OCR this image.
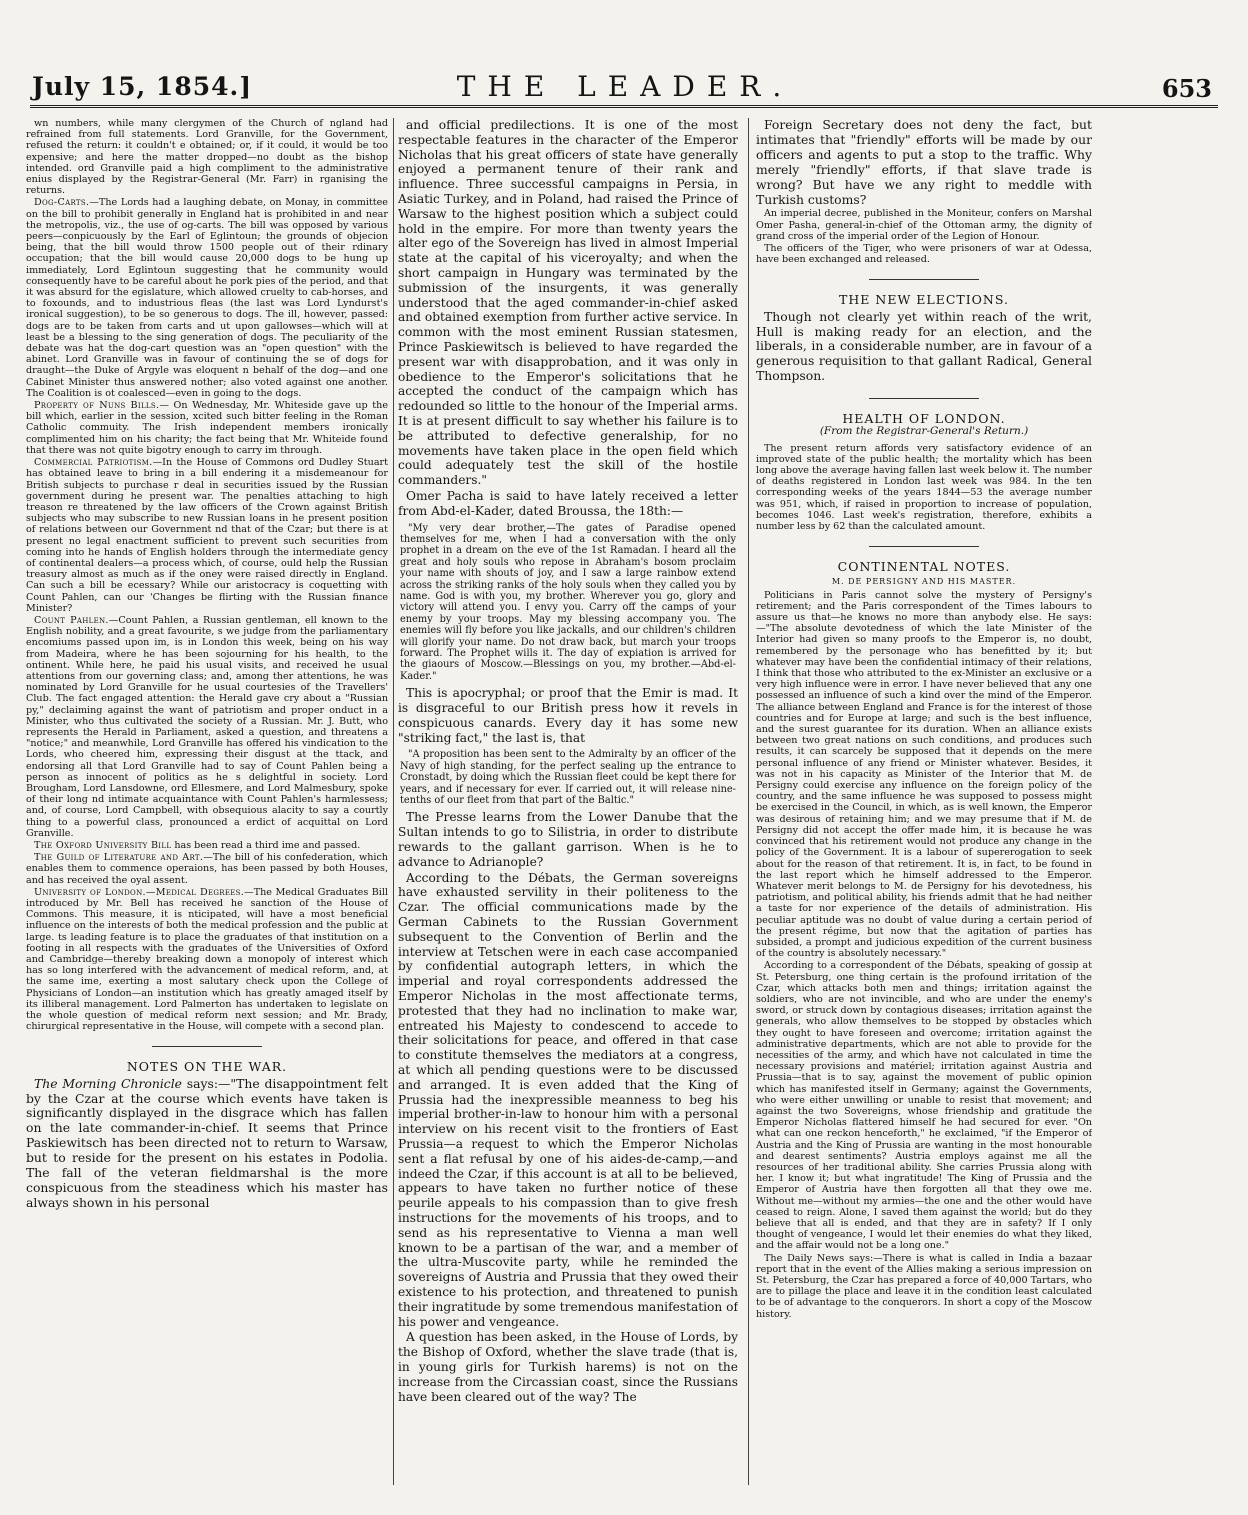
July 15, 1854.]	THE LEADER.	653

wn numbers, while many clergymen of the Church of ngland had refrained from full statements. Lord Granville, for the Government, refused the return: it couldn't e obtained; or, if it could, it would be too expensive; and here the matter dropped—no doubt as the bishop intended. ord Granville paid a high compliment to the administrative enius displayed by the Registrar-General (Mr. Farr) in rganising the returns.

Dog-Carts.—The Lords had a laughing debate, on Monay, in committee on the bill to prohibit generally in England hat is prohibited in and near the metropolis, viz., the use of og-carts. The bill was opposed by various peers—conpicuously by the Earl of Eglintoun; the grounds of objecion being, that the bill would throw 1500 people out of their rdinary occupation; that the bill would cause 20,000 dogs to be hung up immediately, Lord Eglintoun suggesting that he community would consequently have to be careful about he pork pies of the period, and that it was absurd for the egislature, which allowed cruelty to cab-horses, and to foxounds, and to industrious fleas (the last was Lord Lyndurst's ironical suggestion), to be so generous to dogs. The ill, however, passed: dogs are to be taken from carts and ut upon gallowses—which will at least be a blessing to the sing generation of dogs. The peculiarity of the debate was hat the dog-cart question was an "open question" with the abinet. Lord Granville was in favour of continuing the se of dogs for draught—the Duke of Argyle was eloquent n behalf of the dog—and one Cabinet Minister thus answered nother; also voted against one another. The Coalition is ot coalesced—even in going to the dogs.

Property of Nuns Bills.— On Wednesday, Mr. Whiteside gave up the bill which, earlier in the session, xcited such bitter feeling in the Roman Catholic commuity. The Irish independent members ironically complimented him on his charity; the fact being that Mr. Whiteide found that there was not quite bigotry enough to carry im through.

Commercial Patriotism.—In the House of Commons ord Dudley Stuart has obtained leave to bring in a bill endering it a misdemeanour for British subjects to purchase r deal in securities issued by the Russian government during he present war. The penalties attaching to high treason re threatened by the law officers of the Crown against British subjects who may subscribe to new Russian loans in he present position of relations between our Government nd that of the Czar; but there is at present no legal enactment sufficient to prevent such securities from coming into he hands of English holders through the intermediate gency of continental dealers—a process which, of course, ould help the Russian treasury almost as much as if the oney were raised directly in England. Can such a bill be ecessary? While our aristocracy is coquetting with Count Pahlen, can our 'Changes be flirting with the Russian finance Minister?

Count Pahlen.—Count Pahlen, a Russian gentleman, ell known to the English nobility, and a great favourite, s we judge from the parliamentary encomiums passed upon im, is in London this week, being on his way from Madeira, where he has been sojourning for his health, to the ontinent. While here, he paid his usual visits, and received he usual attentions from our governing class; and, among ther attentions, he was nominated by Lord Granville for he usual courtesies of the Travellers' Club. The fact engaged attention: the Herald gave cry about a "Russian py," declaiming against the want of patriotism and proper onduct in a Minister, who thus cultivated the society of a Russian. Mr. J. Butt, who represents the Herald in Parliament, asked a question, and threatens a "notice;" and meanwhile, Lord Granville has offered his vindication to the Lords, who cheered him, expressing their disgust at the ttack, and endorsing all that Lord Granville had to say of Count Pahlen being a person as innocent of politics as he s delightful in society. Lord Brougham, Lord Lansdowne, ord Ellesmere, and Lord Malmesbury, spoke of their long nd intimate acquaintance with Count Pahlen's harmlessess; and, of course, Lord Campbell, with obsequious alacity to say a courtly thing to a powerful class, pronounced a erdict of acquittal on Lord Granville.

The Oxford University Bill has been read a third ime and passed.

The Guild of Literature and Art.—The bill of his confederation, which enables them to commence operaions, has been passed by both Houses, and has received the oyal assent.

University of London.—Medical Degrees.—The Medical Graduates Bill introduced by Mr. Bell has received he sanction of the House of Commons. This measure, it is nticipated, will have a most beneficial influence on the interests of both the medical profession and the public at large. ts leading feature is to place the graduates of that institution on a footing in all respects with the graduates of the Universities of Oxford and Cambridge—thereby breaking down a monopoly of interest which has so long interfered with the advancement of medical reform, and, at the same ime, exerting a most salutary check upon the College of Physicians of London—an institution which has greatly amaged itself by its illiberal management. Lord Palmerton has undertaken to legislate on the whole question of medical reform next session; and Mr. Brady, chirurgical representative in the House, will compete with a second plan.

NOTES ON THE WAR.

The Morning Chronicle says:—"The disappointment felt by the Czar at the course which events have taken is significantly displayed in the disgrace which has fallen on the late commander-in-chief. It seems that Prince Paskiewitsch has been directed not to return to Warsaw, but to reside for the present on his estates in Podolia. The fall of the veteran fieldmarshal is the more conspicuous from the steadiness which his master has always shown in his personal

and official predilections. It is one of the most respectable features in the character of the Emperor Nicholas that his great officers of state have generally enjoyed a permanent tenure of their rank and influence. Three successful campaigns in Persia, in Asiatic Turkey, and in Poland, had raised the Prince of Warsaw to the highest position which a subject could hold in the empire. For more than twenty years the alter ego of the Sovereign has lived in almost Imperial state at the capital of his viceroyalty; and when the short campaign in Hungary was terminated by the submission of the insurgents, it was generally understood that the aged commander-in-chief asked and obtained exemption from further active service. In common with the most eminent Russian statesmen, Prince Paskiewitsch is believed to have regarded the present war with disapprobation, and it was only in obedience to the Emperor's solicitations that he accepted the conduct of the campaign which has redounded so little to the honour of the Imperial arms. It is at present difficult to say whether his failure is to be attributed to defective generalship, for no movements have taken place in the open field which could adequately test the skill of the hostile commanders."

Omer Pacha is said to have lately received a letter from Abd-el-Kader, dated Broussa, the 18th:—

"My very dear brother,—The gates of Paradise opened themselves for me, when I had a conversation with the only prophet in a dream on the eve of the 1st Ramadan. I heard all the great and holy souls who repose in Abraham's bosom proclaim your name with shouts of joy, and I saw a large rainbow extend across the striking ranks of the holy souls when they called you by name. God is with you, my brother. Wherever you go, glory and victory will attend you. I envy you. Carry off the camps of your enemy by your troops. May my blessing accompany you. The enemies will fly before you like jackalls, and our children's children will glorify your name. Do not draw back, but march your troops forward. The Prophet wills it. The day of expiation is arrived for the giaours of Moscow.—Blessings on you, my brother.—Abd-el-Kader."

This is apocryphal; or proof that the Emir is mad. It is disgraceful to our British press how it revels in conspicuous canards. Every day it has some new "striking fact," the last is, that

"A proposition has been sent to the Admiralty by an officer of the Navy of high standing, for the perfect sealing up the entrance to Cronstadt, by doing which the Russian fleet could be kept there for years, and if necessary for ever. If carried out, it will release nine-tenths of our fleet from that part of the Baltic."

The Presse learns from the Lower Danube that the Sultan intends to go to Silistria, in order to distribute rewards to the gallant garrison. When is he to advance to Adrianople?

According to the Débats, the German sovereigns have exhausted servility in their politeness to the Czar. The official communications made by the German Cabinets to the Russian Government subsequent to the Convention of Berlin and the interview at Tetschen were in each case accompanied by confidential autograph letters, in which the imperial and royal correspondents addressed the Emperor Nicholas in the most affectionate terms, protested that they had no inclination to make war, entreated his Majesty to condescend to accede to their solicitations for peace, and offered in that case to constitute themselves the mediators at a congress, at which all pending questions were to be discussed and arranged. It is even added that the King of Prussia had the inexpressible meanness to beg his imperial brother-in-law to honour him with a personal interview on his recent visit to the frontiers of East Prussia—a request to which the Emperor Nicholas sent a flat refusal by one of his aides-de-camp,—and indeed the Czar, if this account is at all to be believed, appears to have taken no further notice of these peurile appeals to his compassion than to give fresh instructions for the movements of his troops, and to send as his representative to Vienna a man well known to be a partisan of the war, and a member of the ultra-Muscovite party, while he reminded the sovereigns of Austria and Prussia that they owed their existence to his protection, and threatened to punish their ingratitude by some tremendous manifestation of his power and vengeance.

A question has been asked, in the House of Lords, by the Bishop of Oxford, whether the slave trade (that is, in young girls for Turkish harems) is not on the increase from the Circassian coast, since the Russians have been cleared out of the way? The

Foreign Secretary does not deny the fact, but intimates that "friendly" efforts will be made by our officers and agents to put a stop to the traffic. Why merely "friendly" efforts, if that slave trade is wrong? But have we any right to meddle with Turkish customs?

An imperial decree, published in the Moniteur, confers on Marshal Omer Pasha, general-in-chief of the Ottoman army, the dignity of grand cross of the imperial order of the Legion of Honour.

The officers of the Tiger, who were prisoners of war at Odessa, have been exchanged and released.

THE NEW ELECTIONS.

Though not clearly yet within reach of the writ, Hull is making ready for an election, and the liberals, in a considerable number, are in favour of a generous requisition to that gallant Radical, General Thompson.

HEALTH OF LONDON.
(From the Registrar-General's Return.)

The present return affords very satisfactory evidence of an improved state of the public health; the mortality which has been long above the average having fallen last week below it. The number of deaths registered in London last week was 984. In the ten corresponding weeks of the years 1844—53 the average number was 951, which, if raised in proportion to increase of population, becomes 1046. Last week's registration, therefore, exhibits a number less by 62 than the calculated amount.

CONTINENTAL NOTES.
M. DE PERSIGNY AND HIS MASTER.

Politicians in Paris cannot solve the mystery of Persigny's retirement; and the Paris correspondent of the Times labours to assure us that—he knows no more than anybody else. He says:—"The absolute devotedness of which the late Minister of the Interior had given so many proofs to the Emperor is, no doubt, remembered by the personage who has benefitted by it; but whatever may have been the confidential intimacy of their relations, I think that those who attributed to the ex-Minister an exclusive or a very high influence were in error. I have never believed that any one possessed an influence of such a kind over the mind of the Emperor. The alliance between England and France is for the interest of those countries and for Europe at large; and such is the best influence, and the surest guarantee for its duration. When an alliance exists between two great nations on such conditions, and produces such results, it can scarcely be supposed that it depends on the mere personal influence of any friend or Minister whatever. Besides, it was not in his capacity as Minister of the Interior that M. de Persigny could exercise any influence on the foreign policy of the country, and the same influence he was supposed to possess might be exercised in the Council, in which, as is well known, the Emperor was desirous of retaining him; and we may presume that if M. de Persigny did not accept the offer made him, it is because he was convinced that his retirement would not produce any change in the policy of the Government. It is a labour of supererogation to seek about for the reason of that retirement. It is, in fact, to be found in the last report which he himself addressed to the Emperor. Whatever merit belongs to M. de Persigny for his devotedness, his patriotism, and political ability, his friends admit that he had neither a taste for nor experience of the details of administration. His peculiar aptitude was no doubt of value during a certain period of the present régime, but now that the agitation of parties has subsided, a prompt and judicious expedition of the current business of the country is absolutely necessary."

According to a correspondent of the Débats, speaking of gossip at St. Petersburg, one thing certain is the profound irritation of the Czar, which attacks both men and things; irritation against the soldiers, who are not invincible, and who are under the enemy's sword, or struck down by contagious diseases; irritation against the generals, who allow themselves to be stopped by obstacles which they ought to have foreseen and overcome; irritation against the administrative departments, which are not able to provide for the necessities of the army, and which have not calculated in time the necessary provisions and matériel; irritation against Austria and Prussia—that is to say, against the movement of public opinion which has manifested itself in Germany; against the Governments, who were either unwilling or unable to resist that movement; and against the two Sovereigns, whose friendship and gratitude the Emperor Nicholas flattered himself he had secured for ever. "On what can one reckon henceforth," he exclaimed, "if the Emperor of Austria and the King of Prussia are wanting in the most honourable and dearest sentiments? Austria employs against me all the resources of her traditional ability. She carries Prussia along with her. I know it; but what ingratitude! The King of Prussia and the Emperor of Austria have then forgotten all that they owe me. Without me—without my armies—the one and the other would have ceased to reign. Alone, I saved them against the world; but do they believe that all is ended, and that they are in safety? If I only thought of vengeance, I would let their enemies do what they liked, and the affair would not be a long one."

The Daily News says:—There is what is called in India a bazaar report that in the event of the Allies making a serious impression on St. Petersburg, the Czar has prepared a force of 40,000 Tartars, who are to pillage the place and leave it in the condition least calculated to be of advantage to the conquerors. In short a copy of the Moscow history.
